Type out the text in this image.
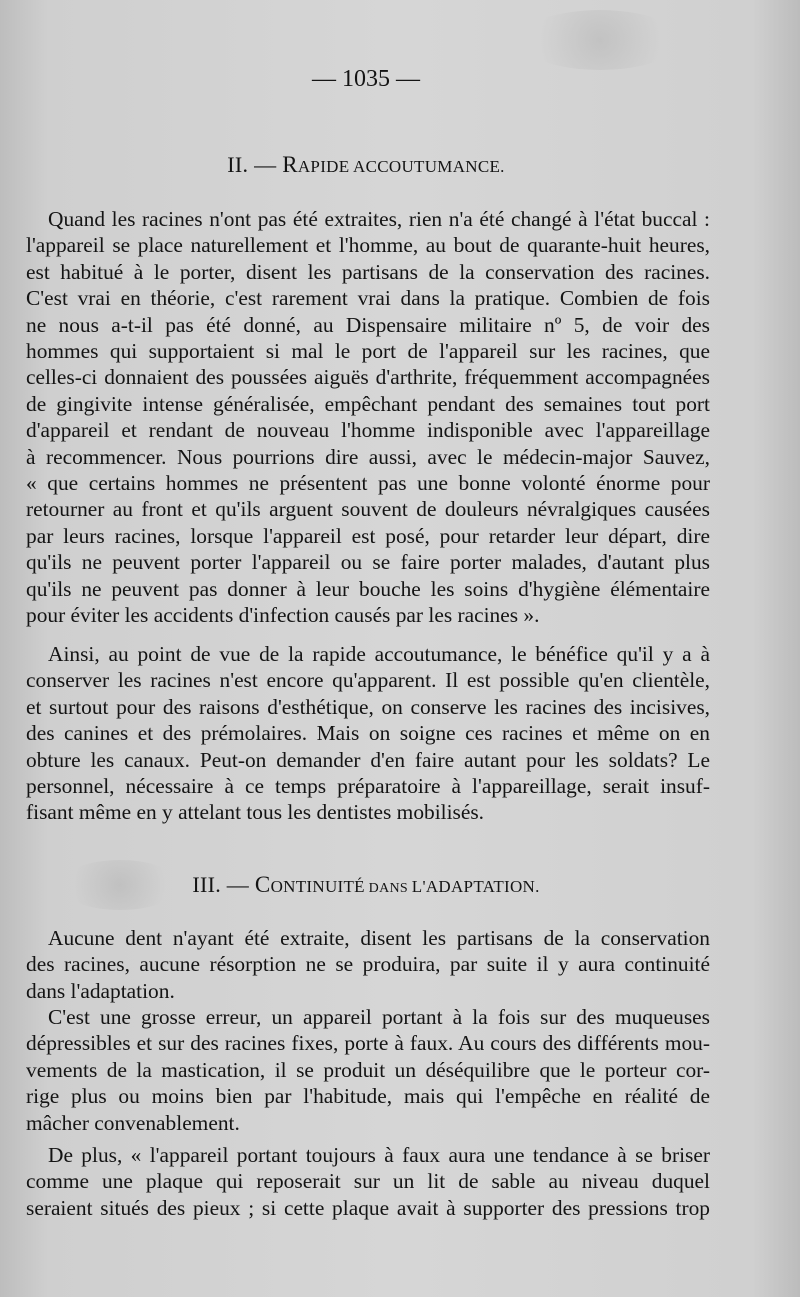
— 1035 —
II. — RAPIDE ACCOUTUMANCE.

Quand les racines n'ont pas été extraites, rien n'a été changé à l'état buccal :
l'appareil se place naturellement et l'homme, au bout de quarante-huit heures,
est habitué à le porter, disent les partisans de la conservation des racines.
C'est vrai en théorie, c'est rarement vrai dans la pratique. Combien de fois
ne nous a-t-il pas été donné, au Dispensaire militaire nº 5, de voir des
hommes qui supportaient si mal le port de l'appareil sur les racines, que
celles-ci donnaient des poussées aiguës d'arthrite, fréquemment accompagnées
de gingivite intense généralisée, empêchant pendant des semaines tout port
d'appareil et rendant de nouveau l'homme indisponible avec l'appareillage
à recommencer. Nous pourrions dire aussi, avec le médecin-major Sauvez,
« que certains hommes ne présentent pas une bonne volonté énorme pour
retourner au front et qu'ils arguent souvent de douleurs névralgiques causées
par leurs racines, lorsque l'appareil est posé, pour retarder leur départ, dire
qu'ils ne peuvent porter l'appareil ou se faire porter malades, d'autant plus
qu'ils ne peuvent pas donner à leur bouche les soins d'hygiène élémentaire
pour éviter les accidents d'infection causés par les racines ».

Ainsi, au point de vue de la rapide accoutumance, le bénéfice qu'il y a à
conserver les racines n'est encore qu'apparent. Il est possible qu'en clientèle,
et surtout pour des raisons d'esthétique, on conserve les racines des incisives,
des canines et des prémolaires. Mais on soigne ces racines et même on en
obture les canaux. Peut-on demander d'en faire autant pour les soldats? Le
personnel, nécessaire à ce temps préparatoire à l'appareillage, serait insuf-
fisant même en y attelant tous les dentistes mobilisés.

III. — CONTINUITÉ DANS L'ADAPTATION.

Aucune dent n'ayant été extraite, disent les partisans de la conservation
des racines, aucune résorption ne se produira, par suite il y aura continuité
dans l'adaptation.

C'est une grosse erreur, un appareil portant à la fois sur des muqueuses
dépressibles et sur des racines fixes, porte à faux. Au cours des différents mou-
vements de la mastication, il se produit un déséquilibre que le porteur cor-
rige plus ou moins bien par l'habitude, mais qui l'empêche en réalité de
mâcher convenablement.

De plus, « l'appareil portant toujours à faux aura une tendance à se briser
comme une plaque qui reposerait sur un lit de sable au niveau duquel
seraient situés des pieux ; si cette plaque avait à supporter des pressions trop
